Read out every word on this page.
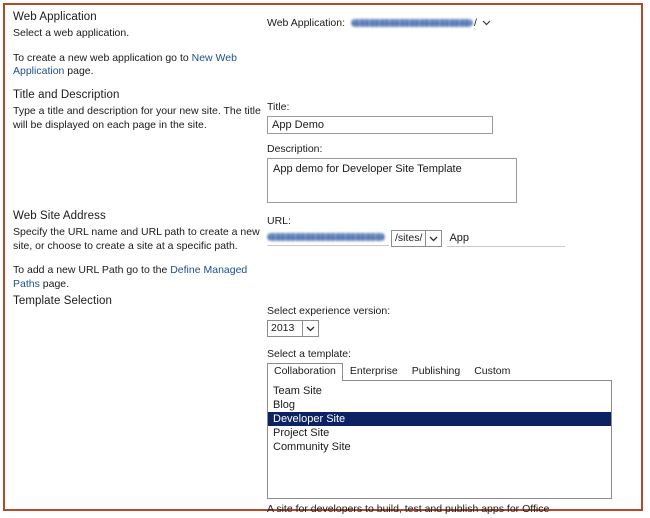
Web Application
Select a web application.
To create a new web application go to New Web Application page.
Web Application:	/
Title and Description
Type a title and description for your new site. The title will be displayed on each page in the site.
Title:
App Demo
Description:
App demo for Developer Site Template
Web Site Address
Specify the URL name and URL path to create a new site, or choose to create a site at a specific path.
To add a new URL Path go to the Define Managed Paths page.
URL:
/sites/
App
Template Selection
Select experience version:
2013
Select a template:
Collaboration	Enterprise	Publishing	Custom
Team Site
Blog
Developer Site
Project Site
Community Site
A site for developers to build, test and publish apps for Office
